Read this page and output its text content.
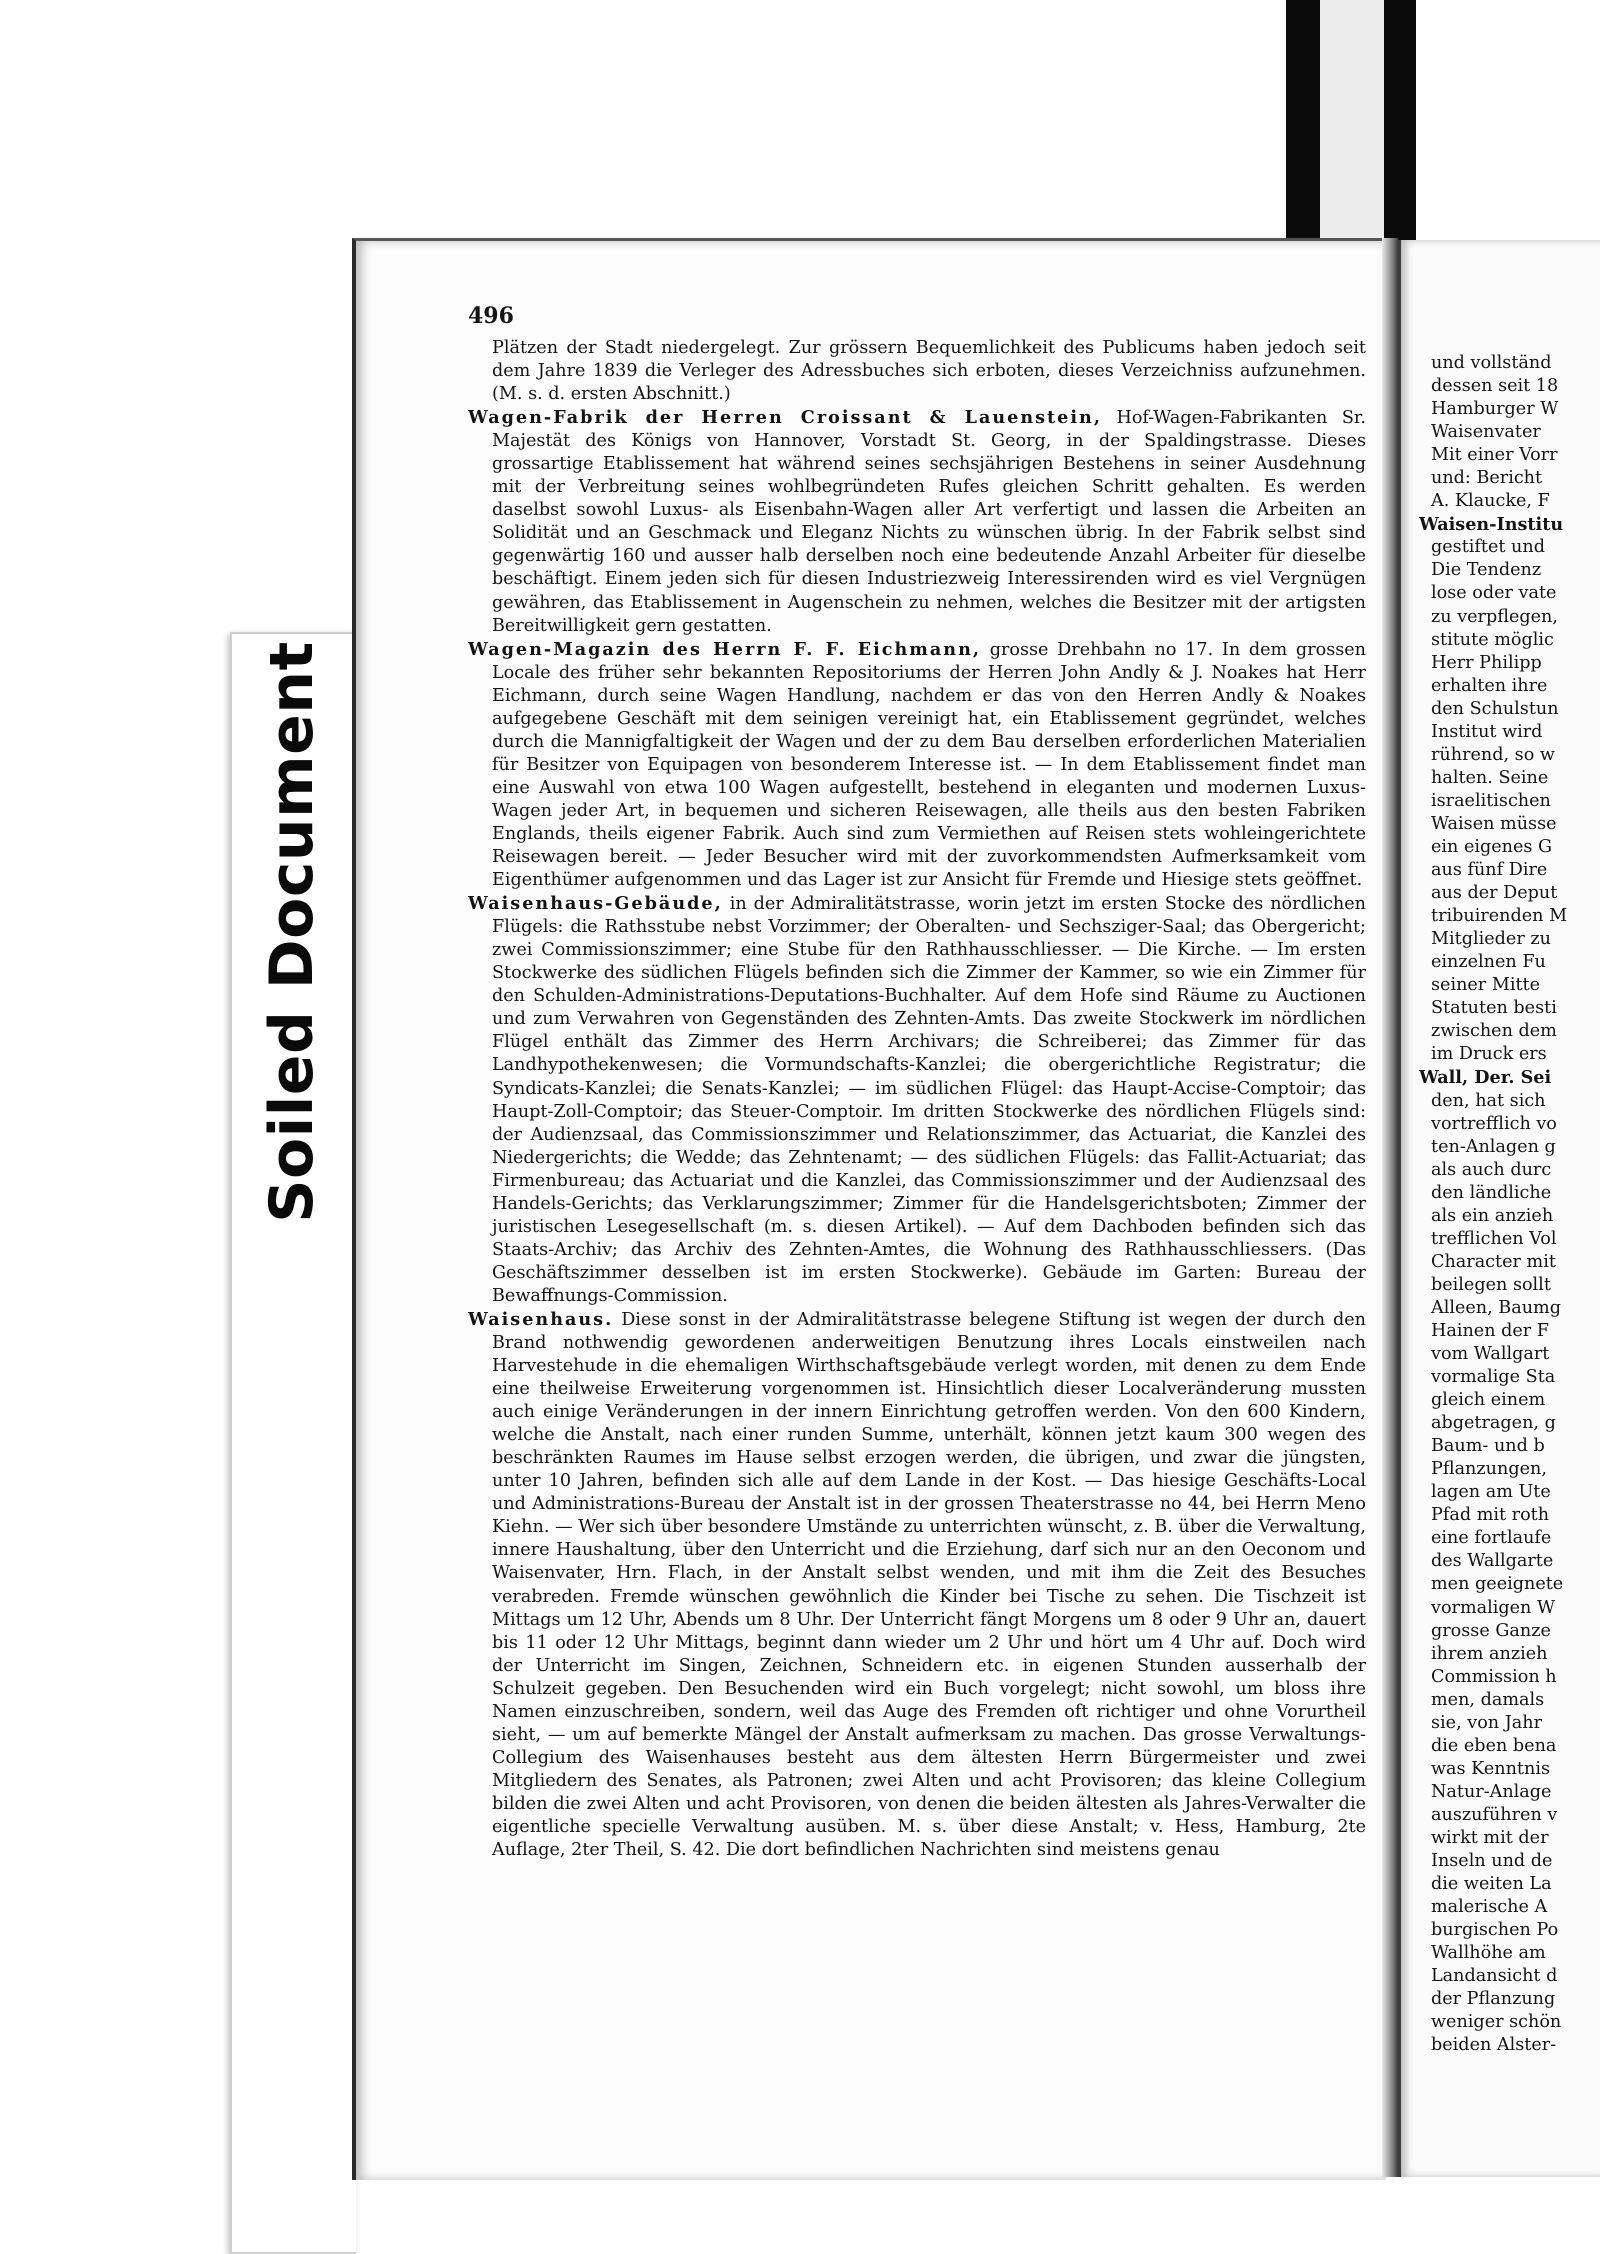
496

Plätzen der Stadt niedergelegt. Zur grössern Bequemlichkeit des Publicums haben jedoch seit dem Jahre 1839 die Verleger des Adressbuches sich erboten, dieses Verzeichniss aufzunehmen. (M. s. d. ersten Abschnitt.)

Wagen-Fabrik der Herren Croissant & Lauenstein, Hof-Wagen-Fabrikanten Sr. Majestät des Königs von Hannover, Vorstadt St. Georg, in der Spaldingstrasse. Dieses grossartige Etablissement hat während seines sechsjährigen Bestehens in seiner Ausdehnung mit der Verbreitung seines wohlbegründeten Rufes gleichen Schritt gehalten. Es werden daselbst sowohl Luxus- als Eisenbahn-Wagen aller Art verfertigt und lassen die Arbeiten an Solidität und an Geschmack und Eleganz Nichts zu wünschen übrig. In der Fabrik selbst sind gegenwärtig 160 und ausser halb derselben noch eine bedeutende Anzahl Arbeiter für dieselbe beschäftigt. Einem jeden sich für diesen Industriezweig Interessirenden wird es viel Vergnügen gewähren, das Etablissement in Augenschein zu nehmen, welches die Besitzer mit der artigsten Bereitwilligkeit gern gestatten.

Wagen-Magazin des Herrn F. F. Eichmann, grosse Drehbahn no 17. In dem grossen Locale des früher sehr bekannten Repositoriums der Herren John Andly & J. Noakes hat Herr Eichmann, durch seine Wagen Handlung, nachdem er das von den Herren Andly & Noakes aufgegebene Geschäft mit dem seinigen vereinigt hat, ein Etablissement gegründet, welches durch die Mannigfaltigkeit der Wagen und der zu dem Bau derselben erforderlichen Materialien für Besitzer von Equipagen von besonderem Interesse ist. — In dem Etablissement findet man eine Auswahl von etwa 100 Wagen aufgestellt, bestehend in eleganten und modernen Luxus-Wagen jeder Art, in bequemen und sicheren Reisewagen, alle theils aus den besten Fabriken Englands, theils eigener Fabrik. Auch sind zum Vermiethen auf Reisen stets wohleingerichtete Reisewagen bereit. — Jeder Besucher wird mit der zuvorkommendsten Aufmerksamkeit vom Eigenthümer aufgenommen und das Lager ist zur Ansicht für Fremde und Hiesige stets geöffnet.

Waisenhaus-Gebäude, in der Admiralitätstrasse, worin jetzt im ersten Stocke des nördlichen Flügels: die Rathsstube nebst Vorzimmer; der Oberalten- und Sechsziger-Saal; das Obergericht; zwei Commissionszimmer; eine Stube für den Rathhausschliesser. — Die Kirche. — Im ersten Stockwerke des südlichen Flügels befinden sich die Zimmer der Kammer, so wie ein Zimmer für den Schulden-Administrations-Deputations-Buchhalter. Auf dem Hofe sind Räume zu Auctionen und zum Verwahren von Gegenständen des Zehnten-Amts. Das zweite Stockwerk im nördlichen Flügel enthält das Zimmer des Herrn Archivars; die Schreiberei; das Zimmer für das Landhypothekenwesen; die Vormundschafts-Kanzlei; die obergerichtliche Registratur; die Syndicats-Kanzlei; die Senats-Kanzlei; — im südlichen Flügel: das Haupt-Accise-Comptoir; das Haupt-Zoll-Comptoir; das Steuer-Comptoir. Im dritten Stockwerke des nördlichen Flügels sind: der Audienzsaal, das Commissionszimmer und Relationszimmer, das Actuariat, die Kanzlei des Niedergerichts; die Wedde; das Zehntenamt; — des südlichen Flügels: das Fallit-Actuariat; das Firmenbureau; das Actuariat und die Kanzlei, das Commissionszimmer und der Audienzsaal des Handels-Gerichts; das Verklarungszimmer; Zimmer für die Handelsgerichtsboten; Zimmer der juristischen Lesegesellschaft (m. s. diesen Artikel). — Auf dem Dachboden befinden sich das Staats-Archiv; das Archiv des Zehnten-Amtes, die Wohnung des Rathhausschliessers. (Das Geschäftszimmer desselben ist im ersten Stockwerke). Gebäude im Garten: Bureau der Bewaffnungs-Commission.

Waisenhaus. Diese sonst in der Admiralitätstrasse belegene Stiftung ist wegen der durch den Brand nothwendig gewordenen anderweitigen Benutzung ihres Locals einstweilen nach Harvestehude in die ehemaligen Wirthschaftsgebäude verlegt worden, mit denen zu dem Ende eine theilweise Erweiterung vorgenommen ist. Hinsichtlich dieser Localveränderung mussten auch einige Veränderungen in der innern Einrichtung getroffen werden. Von den 600 Kindern, welche die Anstalt, nach einer runden Summe, unterhält, können jetzt kaum 300 wegen des beschränkten Raumes im Hause selbst erzogen werden, die übrigen, und zwar die jüngsten, unter 10 Jahren, befinden sich alle auf dem Lande in der Kost. — Das hiesige Geschäfts-Local und Administrations-Bureau der Anstalt ist in der grossen Theaterstrasse no 44, bei Herrn Meno Kiehn. — Wer sich über besondere Umstände zu unterrichten wünscht, z. B. über die Verwaltung, innere Haushaltung, über den Unterricht und die Erziehung, darf sich nur an den Oeconom und Waisenvater, Hrn. Flach, in der Anstalt selbst wenden, und mit ihm die Zeit des Besuches verabreden. Fremde wünschen gewöhnlich die Kinder bei Tische zu sehen. Die Tischzeit ist Mittags um 12 Uhr, Abends um 8 Uhr. Der Unterricht fängt Morgens um 8 oder 9 Uhr an, dauert bis 11 oder 12 Uhr Mittags, beginnt dann wieder um 2 Uhr und hört um 4 Uhr auf. Doch wird der Unterricht im Singen, Zeichnen, Schneidern etc. in eigenen Stunden ausserhalb der Schulzeit gegeben. Den Besuchenden wird ein Buch vorgelegt; nicht sowohl, um bloss ihre Namen einzuschreiben, sondern, weil das Auge des Fremden oft richtiger und ohne Vorurtheil sieht, — um auf bemerkte Mängel der Anstalt aufmerksam zu machen. Das grosse Verwaltungs-Collegium des Waisenhauses besteht aus dem ältesten Herrn Bürgermeister und zwei Mitgliedern des Senates, als Patronen; zwei Alten und acht Provisoren; das kleine Collegium bilden die zwei Alten und acht Provisoren, von denen die beiden ältesten als Jahres-Verwalter die eigentliche specielle Verwaltung ausüben. M. s. über diese Anstalt; v. Hess, Hamburg, 2te Auflage, 2ter Theil, S. 42. Die dort befindlichen Nachrichten sind meistens genau

und vollständ
dessen seit 18
Hamburger W
Waisenvater
Mit einer Vorr
und: Bericht
A. Klaucke, F
Waisen-Institu
gestiftet und
Die Tendenz
lose oder vate
zu verpflegen,
stitute möglic
Herr Philipp
erhalten ihre
den Schulstun
Institut wird
rührend, so w
halten. Seine
israelitischen
Waisen müsse
ein eigenes G
aus fünf Dire
aus der Deput
tribuirenden M
Mitglieder zu
einzelnen Fu
seiner Mitte
Statuten besti
zwischen dem
im Druck ers
Wall, Der. Sei
den, hat sich
vortrefflich vo
ten-Anlagen g
als auch durc
den ländliche
als ein anzieh
trefflichen Vol
Character mit
beilegen sollt
Alleen, Baumg
Hainen der F
vom Wallgart
vormalige Sta
gleich einem
abgetragen, g
Baum- und b
Pflanzungen,
lagen am Ute
Pfad mit roth
eine fortlaufe
des Wallgarte
men geeignete
vormaligen W
grosse Ganze
ihrem anzieh
Commission h
men, damals
sie, von Jahr
die eben bena
was Kenntnis
Natur-Anlage
auszuführen v
wirkt mit der
Inseln und de
die weiten La
malerische A
burgischen Po
Wallhöhe am
Landansicht d
der Pflanzung
weniger schön
beiden Alster-
Soiled Document
